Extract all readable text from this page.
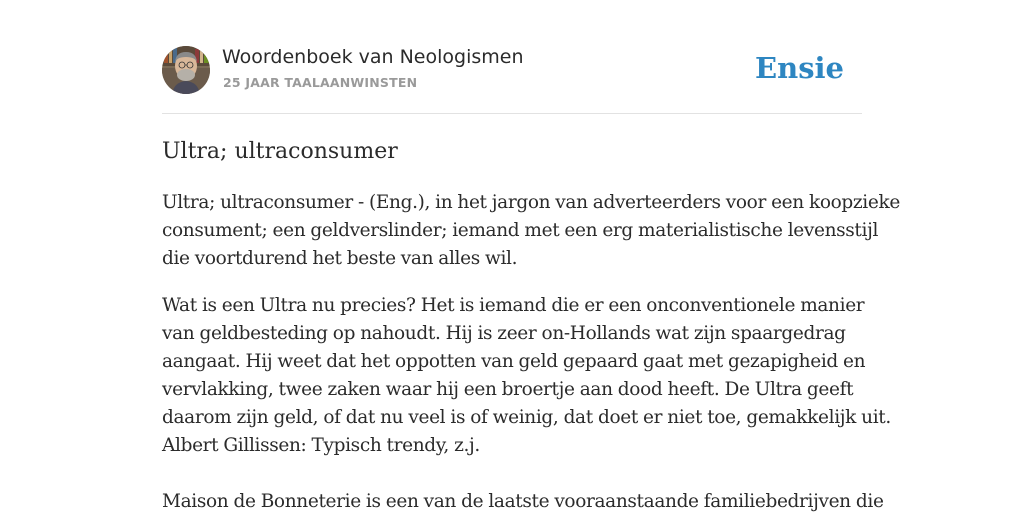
Woordenboek van Neologismen
25 JAAR TAALAANWINSTEN	Ensie
Ultra; ultraconsumer

Ultra; ultraconsumer - (Eng.), in het jargon van adverteerders voor een koopzieke
consument; een geldverslinder; iemand met een erg materialistische levensstijl
die voortdurend het beste van alles wil.

Wat is een Ultra nu precies? Het is iemand die er een onconventionele manier
van geldbesteding op nahoudt. Hij is zeer on-Hollands wat zijn spaargedrag
aangaat. Hij weet dat het oppotten van geld gepaard gaat met gezapigheid en
vervlakking, twee zaken waar hij een broertje aan dood heeft. De Ultra geeft
daarom zijn geld, of dat nu veel is of weinig, dat doet er niet toe, gemakkelijk uit.
Albert Gillissen: Typisch trendy, z.j.
Maison de Bonneterie is een van de laatste vooraanstaande familiebedrijven die
